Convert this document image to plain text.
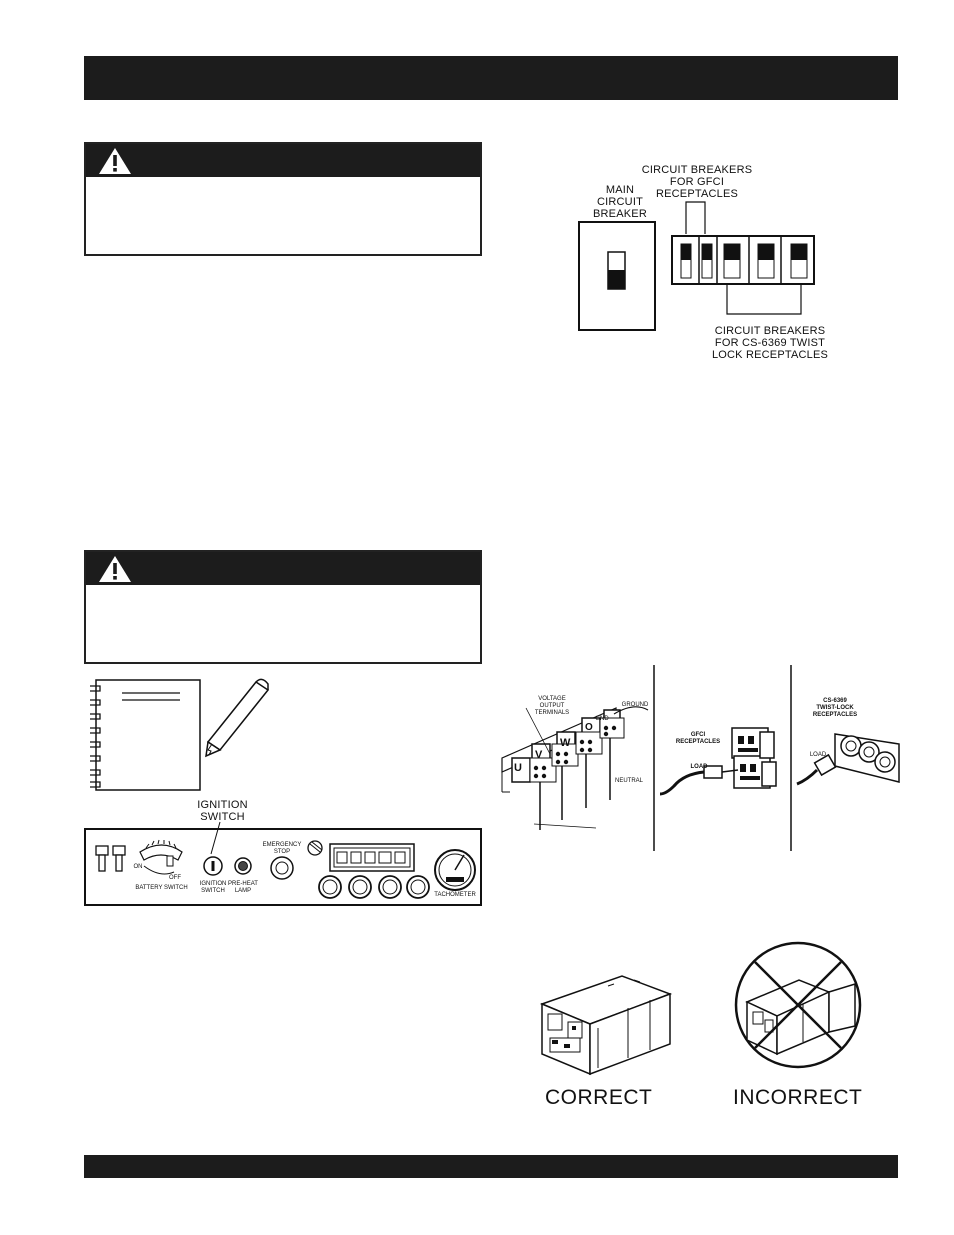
MAIN
CIRCUIT
BREAKER
CIRCUIT BREAKERS
FOR GFCI
RECEPTACLES
CIRCUIT BREAKERS
FOR CS-6369 TWIST
LOCK RECEPTACLES
IGNITION
SWITCH
BATTERY SWITCH
ON
OFF
IGNITION
SWITCH
PRE-HEAT
LAMP
EMERGENCY
STOP
TACHOMETER
VOLTAGE
OUTPUT
TERMINALS
U
V
W
O
GND
GROUND
NEUTRAL
GFCI
RECEPTACLES
LOAD
CS-6369
TWIST-LOCK
RECEPTACLES
LOAD
CORRECT	INCORRECT
